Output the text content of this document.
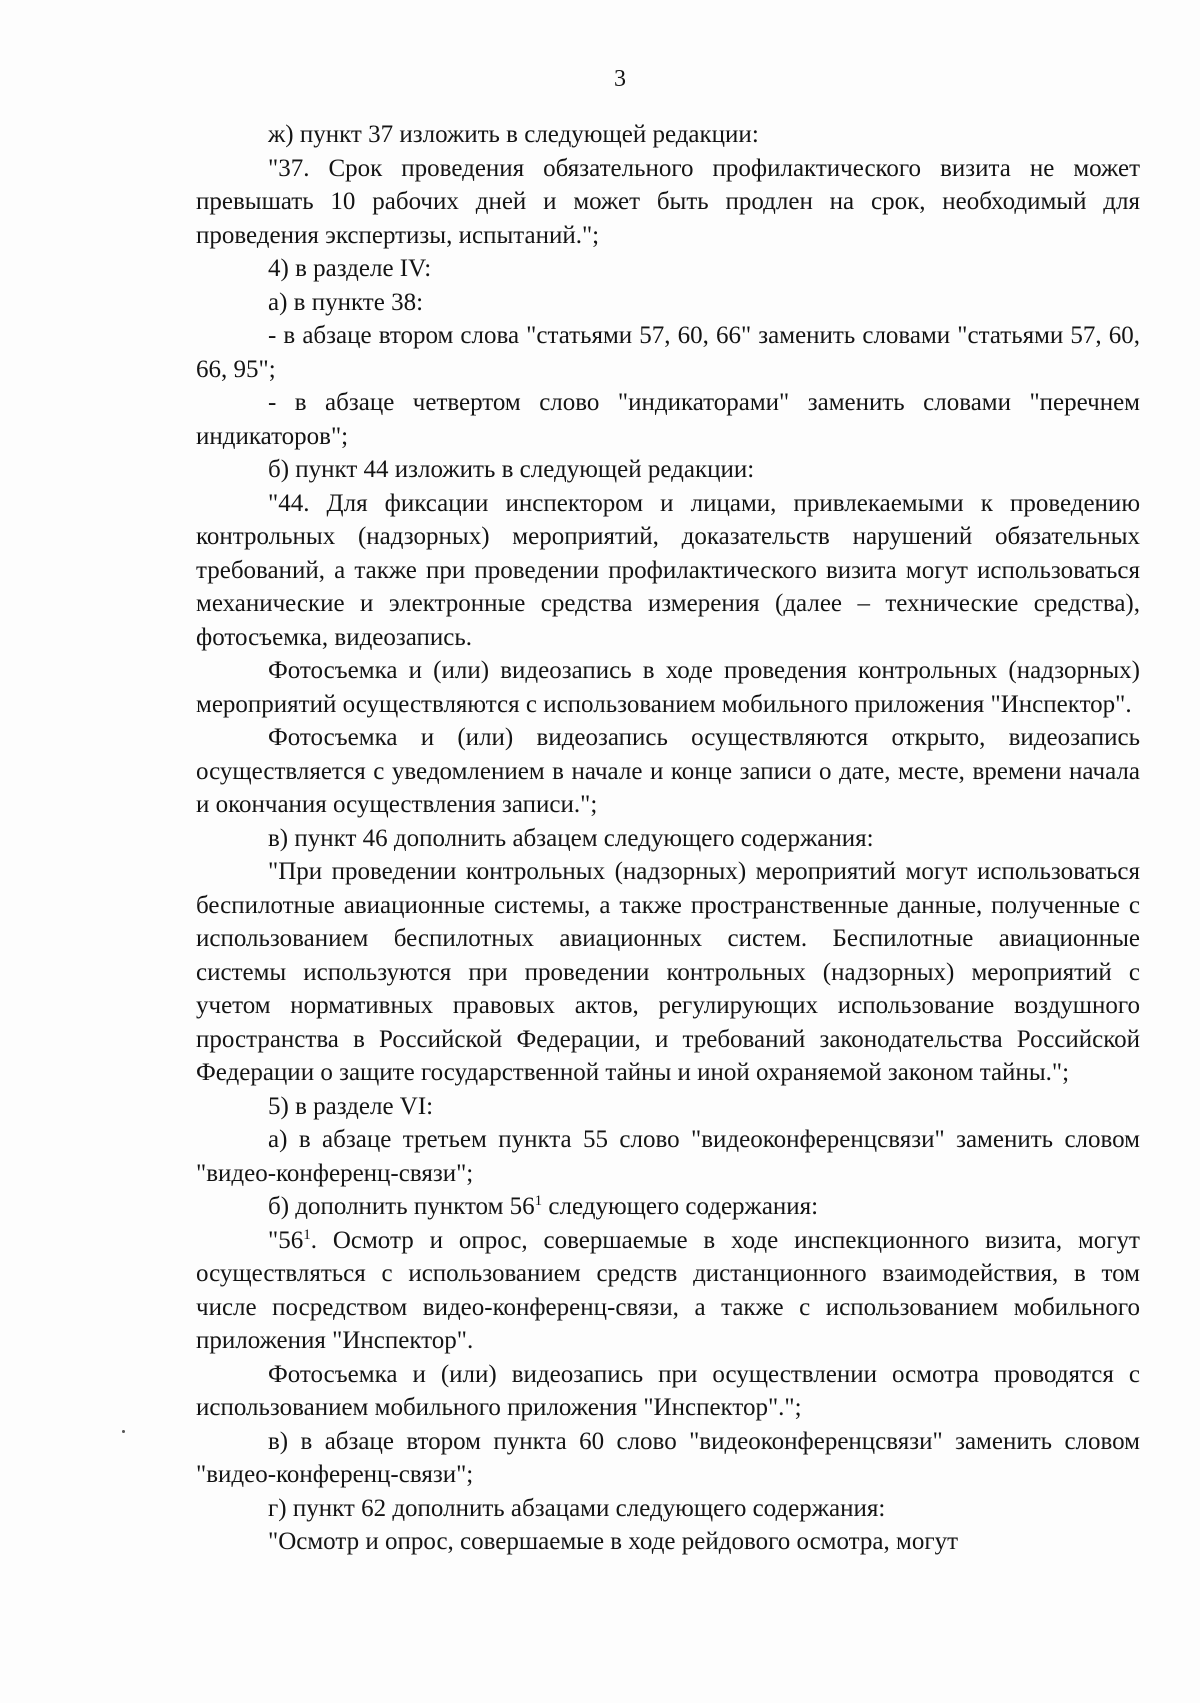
3

ж) пункт 37 изложить в следующей редакции:

"37. Срок проведения обязательного профилактического визита не может превышать 10 рабочих дней и может быть продлен на срок, необходимый для проведения экспертизы, испытаний.";

4) в разделе IV:

а) в пункте 38:

- в абзаце втором слова "статьями 57, 60, 66" заменить словами "статьями 57, 60, 66, 95";

- в абзаце четвертом слово "индикаторами" заменить словами "перечнем индикаторов";

б) пункт 44 изложить в следующей редакции:

"44. Для фиксации инспектором и лицами, привлекаемыми к проведению контрольных (надзорных) мероприятий, доказательств нарушений обязательных требований, а также при проведении профилактического визита могут использоваться механические и электронные средства измерения (далее – технические средства), фотосъемка, видеозапись.

Фотосъемка и (или) видеозапись в ходе проведения контрольных (надзорных) мероприятий осуществляются с использованием мобильного приложения "Инспектор".

Фотосъемка и (или) видеозапись осуществляются открыто, видеозапись осуществляется с уведомлением в начале и конце записи о дате, месте, времени начала и окончания осуществления записи.";

в) пункт 46 дополнить абзацем следующего содержания:

"При проведении контрольных (надзорных) мероприятий могут использоваться беспилотные авиационные системы, а также пространственные данные, полученные с использованием беспилотных авиационных систем. Беспилотные авиационные системы используются при проведении контрольных (надзорных) мероприятий с учетом нормативных правовых актов, регулирующих использование воздушного пространства в Российской Федерации, и требований законодательства Российской Федерации о защите государственной тайны и иной охраняемой законом тайны.";

5) в разделе VI:

а) в абзаце третьем пункта 55 слово "видеоконференцсвязи" заменить словом "видео-конференц-связи";

б) дополнить пунктом $56^1$ следующего содержания:

"$56^1$. Осмотр и опрос, совершаемые в ходе инспекционного визита, могут осуществляться с использованием средств дистанционного взаимодействия, в том числе посредством видео-конференц-связи, а также с использованием мобильного приложения "Инспектор".

Фотосъемка и (или) видеозапись при осуществлении осмотра проводятся с использованием мобильного приложения "Инспектор".";

в) в абзаце втором пункта 60 слово "видеоконференцсвязи" заменить словом "видео-конференц-связи";

г) пункт 62 дополнить абзацами следующего содержания:

"Осмотр и опрос, совершаемые в ходе рейдового осмотра, могут
